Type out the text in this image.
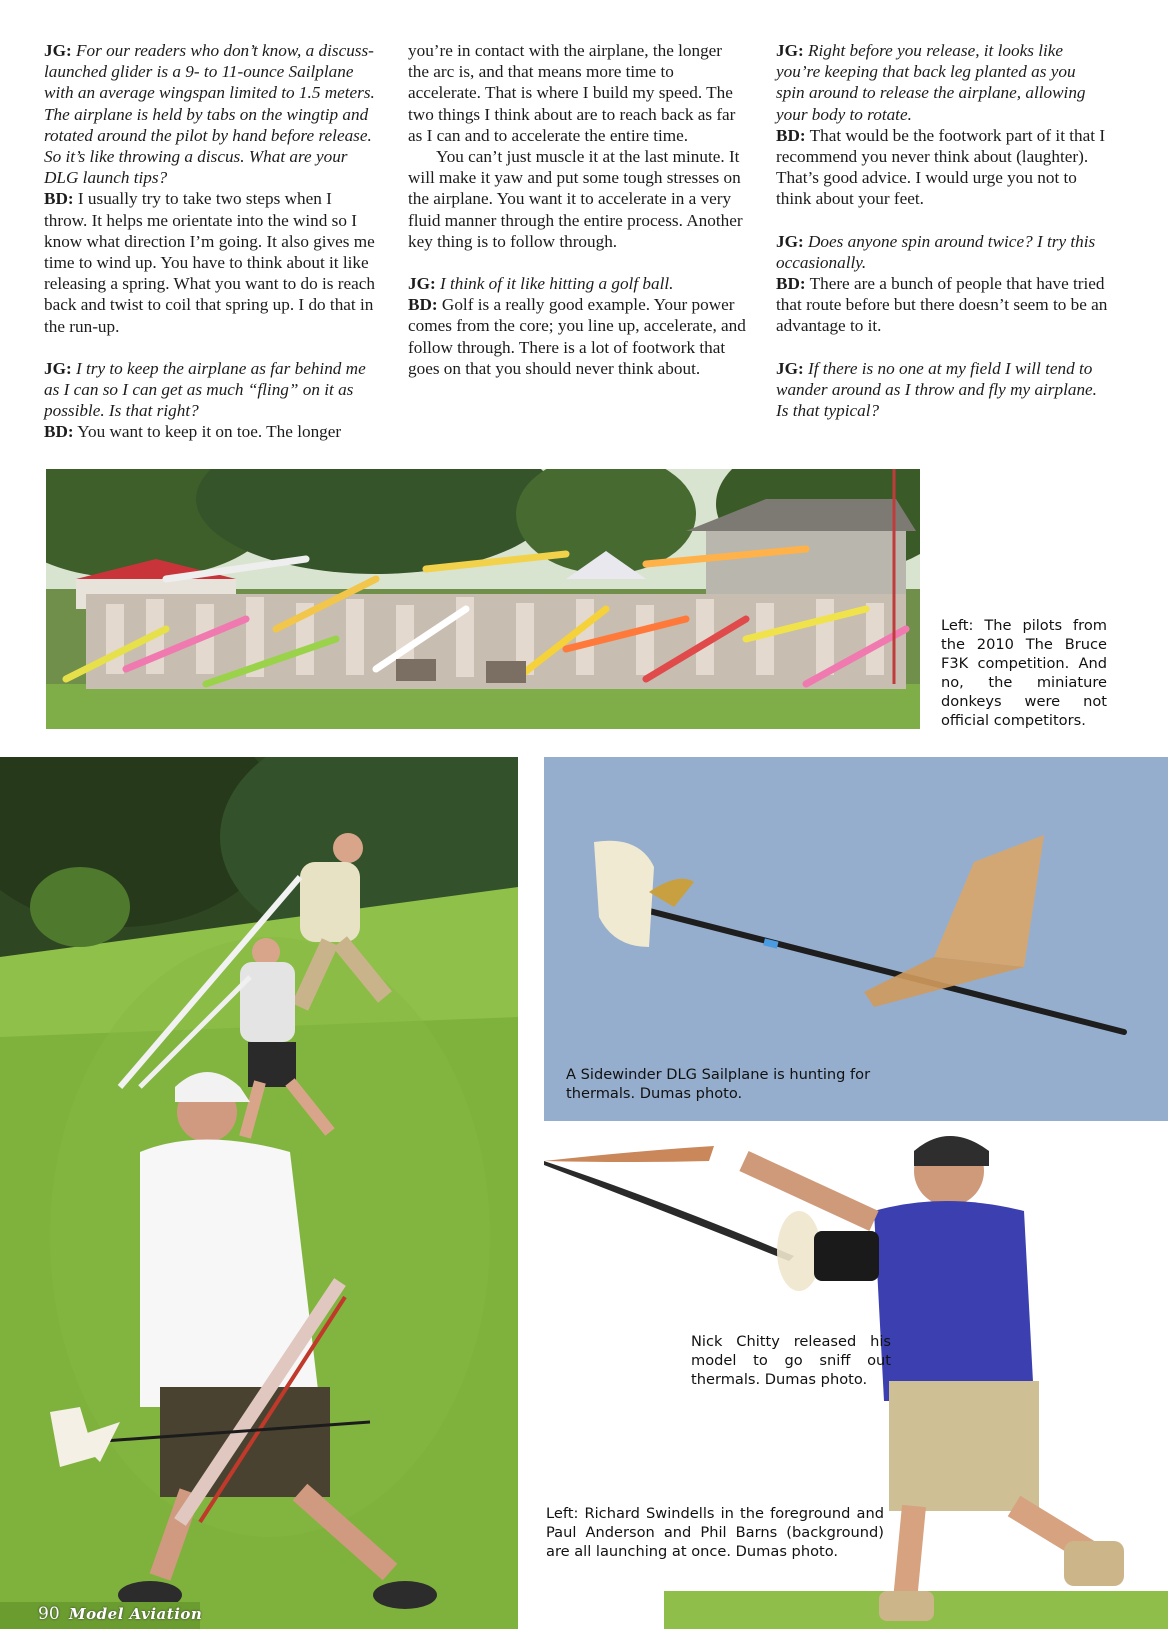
JG: For our readers who don’t know, a discuss-launched glider is a 9- to 11-ounce Sailplane with an average wingspan limited to 1.5 meters. The airplane is held by tabs on the wingtip and rotated around the pilot by hand before release. So it’s like throwing a discus. What are your DLG launch tips?

BD: I usually try to take two steps when I throw. It helps me orientate into the wind so I know what direction I’m going. It also gives me time to wind up. You have to think about it like releasing a spring. What you want to do is reach back and twist to coil that spring up. I do that in the run-up.

JG: I try to keep the airplane as far behind me as I can so I can get as much “fling” on it as possible. Is that right?

BD: You want to keep it on toe. The longer

you’re in contact with the airplane, the longer the arc is, and that means more time to accelerate. That is where I build my speed. The two things I think about are to reach back as far as I can and to accelerate the entire time.

You can’t just muscle it at the last minute. It will make it yaw and put some tough stresses on the airplane. You want it to accelerate in a very fluid manner through the entire process. Another key thing is to follow through.

JG: I think of it like hitting a golf ball.

BD: Golf is a really good example. Your power comes from the core; you line up, accelerate, and follow through. There is a lot of footwork that goes on that you should never think about.

JG: Right before you release, it looks like you’re keeping that back leg planted as you spin around to release the airplane, allowing your body to rotate.

BD: That would be the footwork part of it that I recommend you never think about (laughter). That’s good advice. I would urge you not to think about your feet.

JG: Does anyone spin around twice? I try this occasionally.

BD: There are a bunch of people that have tried that route before but there doesn’t seem to be an advantage to it.

JG: If there is no one at my field I will tend to wander around as I throw and fly my airplane. Is that typical?

Left: The pilots from the 2010 The Bruce F3K competition. And no, the miniature donkeys were not official competitors.
A Sidewinder DLG Sailplane is hunting for thermals. Dumas photo.
Nick Chitty released his model to go sniff out thermals. Dumas photo.
Left: Richard Swindells in the foreground and Paul Anderson and Phil Barns (background) are all launching at once. Dumas photo.
90 Model Aviation
